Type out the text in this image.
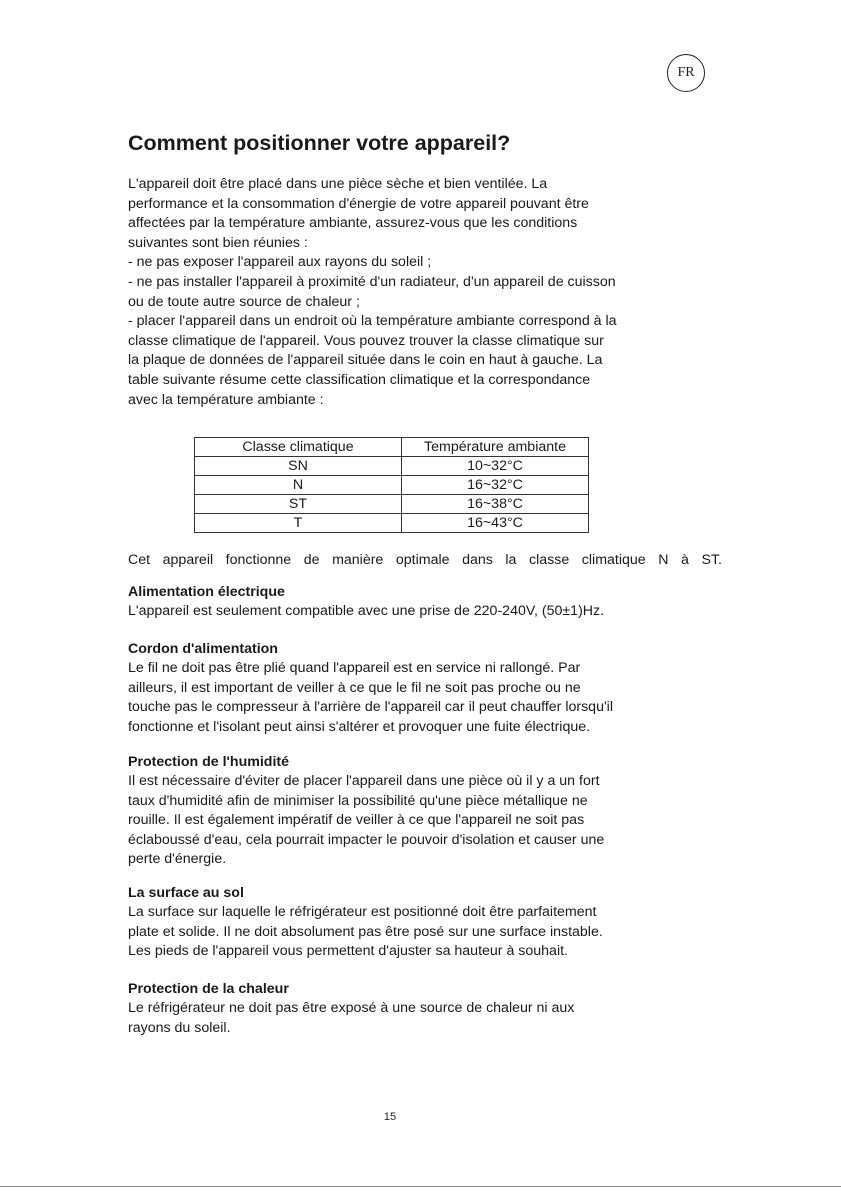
FR
Comment positionner votre appareil?

L'appareil doit être placé dans une pièce sèche et bien ventilée. La
performance et la consommation d'énergie de votre appareil pouvant être
affectées par la température ambiante, assurez-vous que les conditions
suivantes sont bien réunies :
- ne pas exposer l'appareil aux rayons du soleil ;
- ne pas installer l'appareil à proximité d'un radiateur, d'un appareil de cuisson
ou de toute autre source de chaleur ;
- placer l'appareil dans un endroit où la température ambiante correspond à la
classe climatique de l'appareil. Vous pouvez trouver la classe climatique sur
la plaque de données de l'appareil située dans le coin en haut à gauche. La
table suivante résume cette classification climatique et la correspondance
avec la température ambiante :

Classe climatique	Température ambiante
SN	10~32°C
N	16~32°C
ST	16~38°C
T	16~43°C

Cet appareil fonctionne de manière optimale dans la classe climatique N à ST.

Alimentation électrique

L'appareil est seulement compatible avec une prise de 220-240V, (50±1)Hz.

Cordon d'alimentation

Le fil ne doit pas être plié quand l'appareil est en service ni rallongé. Par
ailleurs, il est important de veiller à ce que le fil ne soit pas proche ou ne
touche pas le compresseur à l'arrière de l'appareil car il peut chauffer lorsqu'il
fonctionne et l'isolant peut ainsi s'altérer et provoquer une fuite électrique.

Protection de l'humidité

Il est nécessaire d'éviter de placer l'appareil dans une pièce où il y a un fort
taux d'humidité afin de minimiser la possibilité qu'une pièce métallique ne
rouille. Il est également impératif de veiller à ce que l'appareil ne soit pas
éclaboussé d'eau, cela pourrait impacter le pouvoir d'isolation et causer une
perte d'énergie.

La surface au sol

La surface sur laquelle le réfrigérateur est positionné doit être parfaitement
plate et solide. Il ne doit absolument pas être posé sur une surface instable.
Les pieds de l'appareil vous permettent d'ajuster sa hauteur à souhait.

Protection de la chaleur

Le réfrigérateur ne doit pas être exposé à une source de chaleur ni aux
rayons du soleil.

15
